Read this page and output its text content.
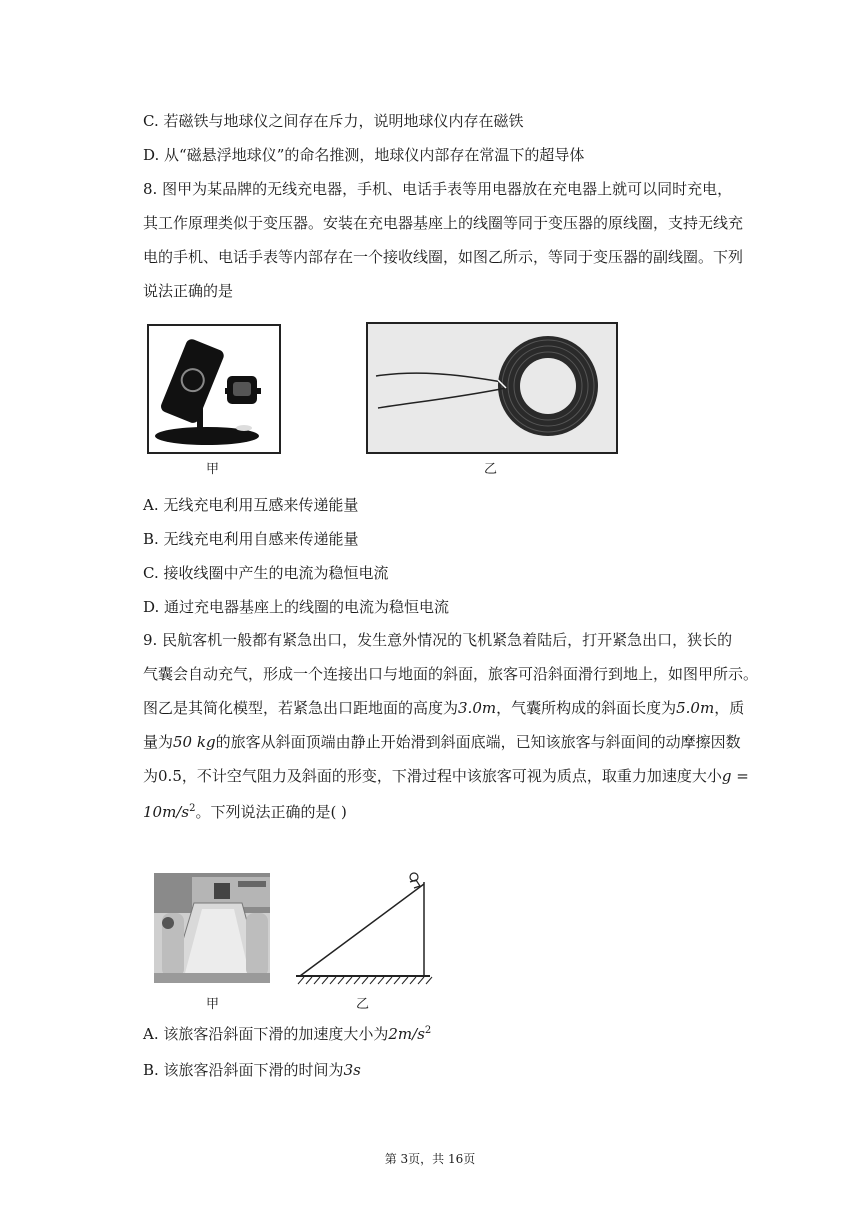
C. 若磁铁与地球仪之间存在斥力，说明地球仪内存在磁铁
D. 从“磁悬浮地球仪”的命名推测，地球仪内部存在常温下的超导体
8. 图甲为某品牌的无线充电器，手机、电话手表等用电器放在充电器上就可以同时充电，
其工作原理类似于变压器。安装在充电器基座上的线圈等同于变压器的原线圈，支持无线充
电的手机、电话手表等内部存在一个接收线圈，如图乙所示，等同于变压器的副线圈。下列
说法正确的是
甲	乙
A. 无线充电利用互感来传递能量
B. 无线充电利用自感来传递能量
C. 接收线圈中产生的电流为稳恒电流
D. 通过充电器基座上的线圈的电流为稳恒电流
9. 民航客机一般都有紧急出口，发生意外情况的飞机紧急着陆后，打开紧急出口，狭长的
气囊会自动充气，形成一个连接出口与地面的斜面，旅客可沿斜面滑行到地上，如图甲所示。
图乙是其简化模型，若紧急出口距地面的高度为3.0m，气囊所构成的斜面长度为5.0m，质
量为50 kg的旅客从斜面顶端由静止开始滑到斜面底端，已知该旅客与斜面间的动摩擦因数
为0.5，不计空气阻力及斜面的形变，下滑过程中该旅客可视为质点，取重力加速度大小g =
$10m/s^2$。下列说法正确的是( )
甲	乙
A. 该旅客沿斜面下滑的加速度大小为$2m/s^2$
B. 该旅客沿斜面下滑的时间为3s
第 3页，共 16页
